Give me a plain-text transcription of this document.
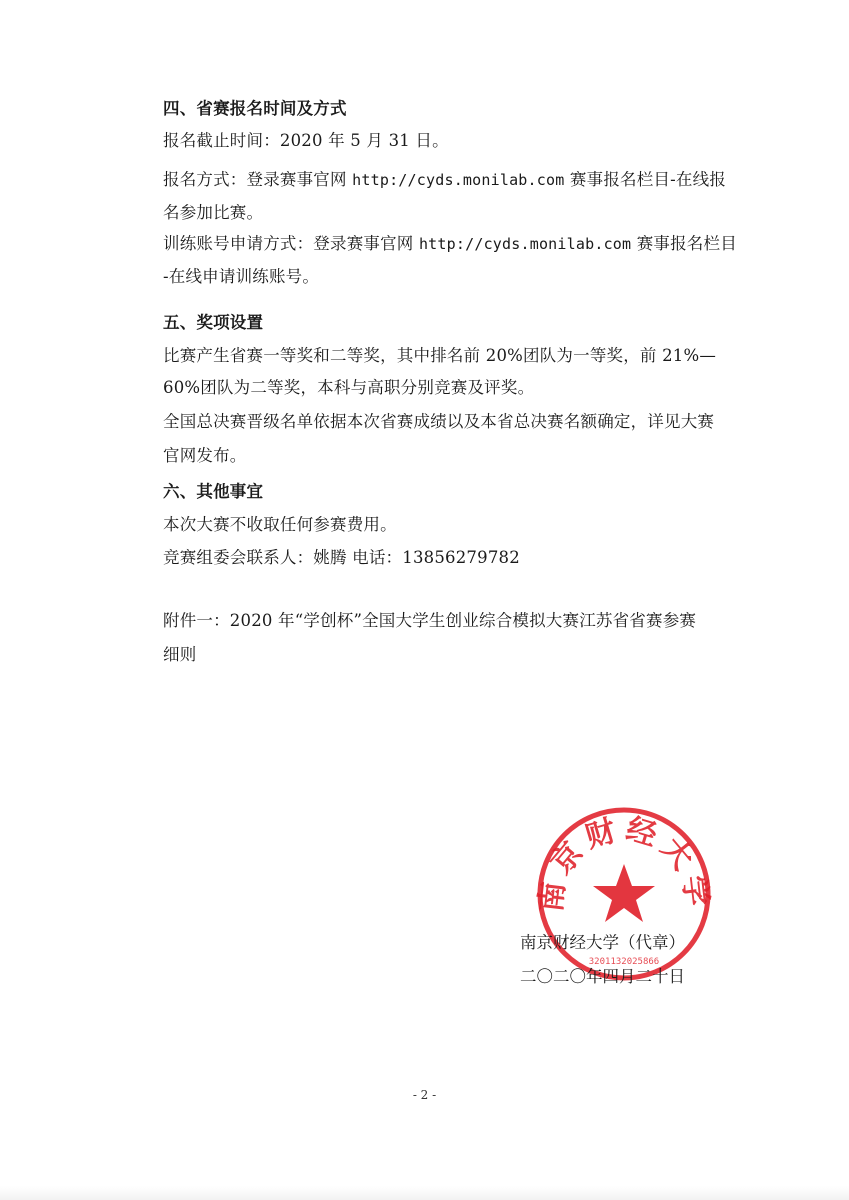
四、省赛报名时间及方式
报名截止时间：2020 年 5 月 31 日。
报名方式：登录赛事官网 http://cyds.monilab.com 赛事报名栏目-在线报
名参加比赛。
训练账号申请方式：登录赛事官网 http://cyds.monilab.com 赛事报名栏目
-在线申请训练账号。
五、奖项设置
比赛产生省赛一等奖和二等奖，其中排名前 20%团队为一等奖，前 21%—
60%团队为二等奖，本科与高职分别竞赛及评奖。
全国总决赛晋级名单依据本次省赛成绩以及本省总决赛名额确定，详见大赛
官网发布。
六、其他事宜
本次大赛不收取任何参赛费用。
竞赛组委会联系人：姚腾 电话：13856279782
附件一：2020 年“学创杯”全国大学生创业综合模拟大赛江苏省省赛参赛
细则
南京财经大学
3201132025866
南京财经大学（代章）
二〇二〇年四月二十日
- 2 -
